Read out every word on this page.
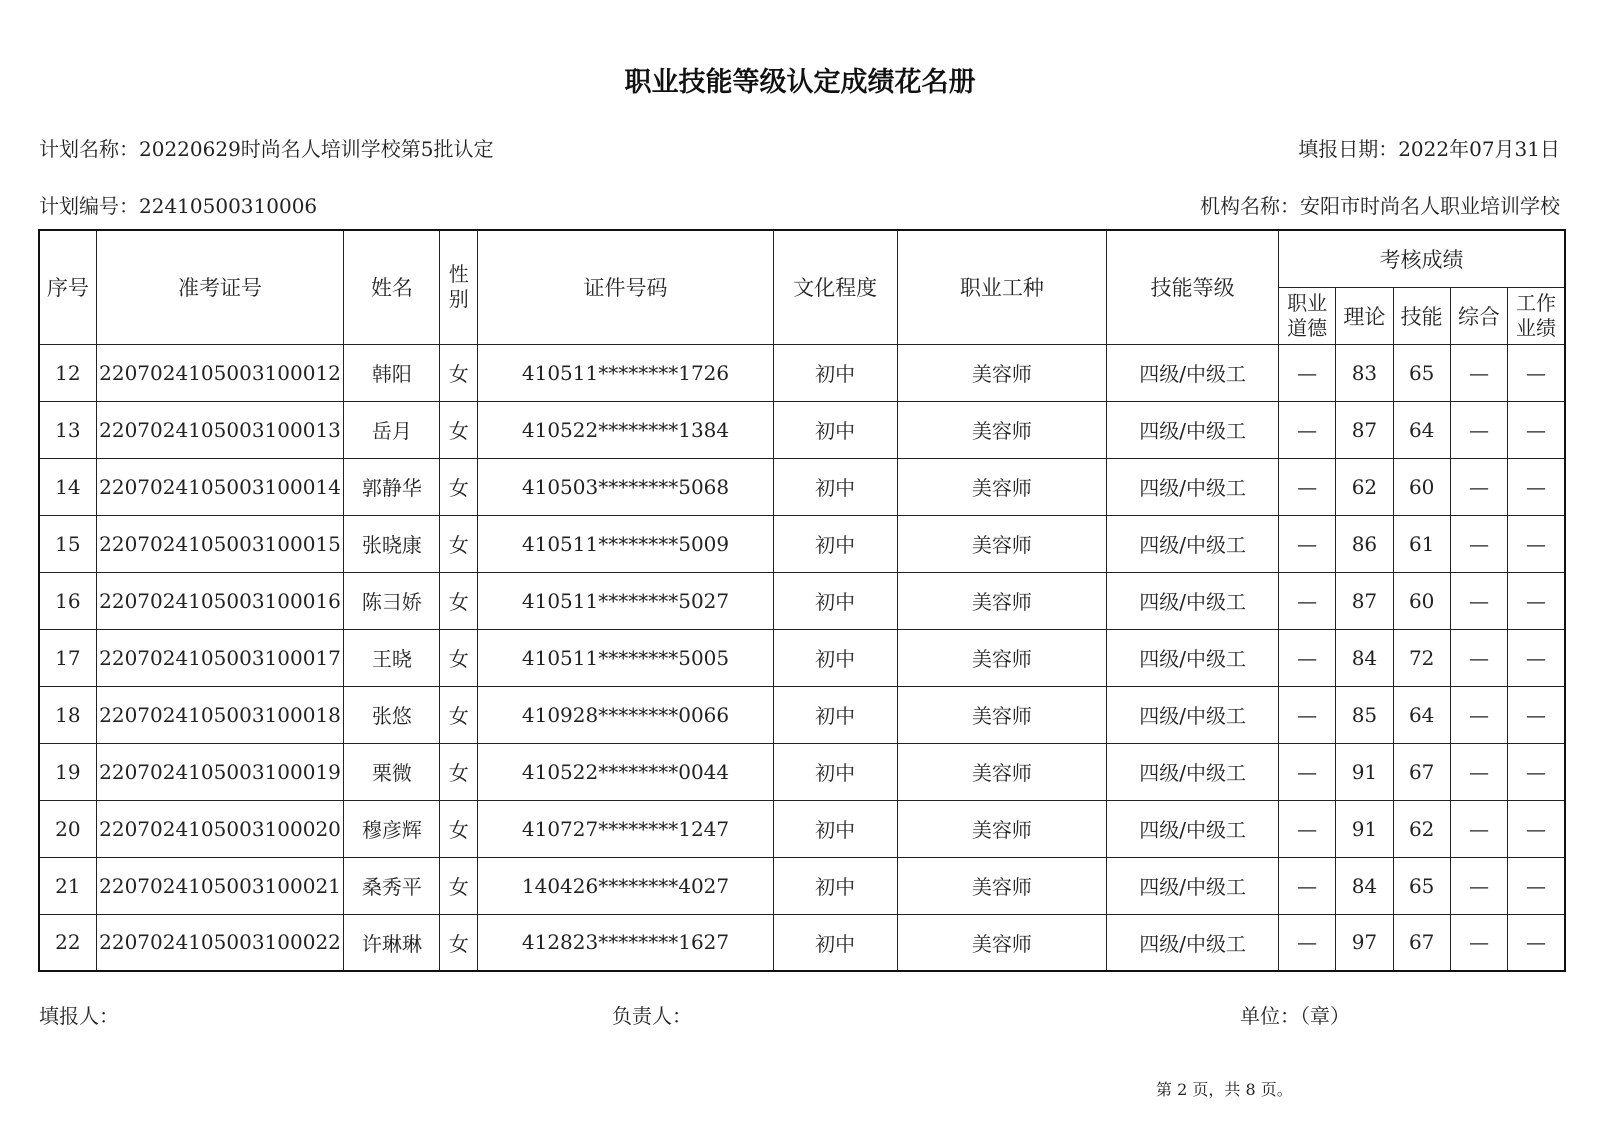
职业技能等级认定成绩花名册
计划名称：20220629时尚名人培训学校第5批认定	填报日期：2022年07月31日
计划编号：22410500310006	机构名称：安阳市时尚名人职业培训学校
序号	准考证号	姓名	性别	证件号码	文化程度	职业工种	技能等级	考核成绩				
								职业道德	理论	技能	综合	工作业绩
12	2207024105003100012	韩阳	女	410511********1726	初中	美容师	四级/中级工	—	83	65	—	—
13	2207024105003100013	岳月	女	410522********1384	初中	美容师	四级/中级工	—	87	64	—	—
14	2207024105003100014	郭静华	女	410503********5068	初中	美容师	四级/中级工	—	62	60	—	—
15	2207024105003100015	张晓康	女	410511********5009	初中	美容师	四级/中级工	—	86	61	—	—
16	2207024105003100016	陈彐娇	女	410511********5027	初中	美容师	四级/中级工	—	87	60	—	—
17	2207024105003100017	王晓	女	410511********5005	初中	美容师	四级/中级工	—	84	72	—	—
18	2207024105003100018	张悠	女	410928********0066	初中	美容师	四级/中级工	—	85	64	—	—
19	2207024105003100019	栗微	女	410522********0044	初中	美容师	四级/中级工	—	91	67	—	—
20	2207024105003100020	穆彦辉	女	410727********1247	初中	美容师	四级/中级工	—	91	62	—	—
21	2207024105003100021	桑秀平	女	140426********4027	初中	美容师	四级/中级工	—	84	65	—	—
22	2207024105003100022	许琳琳	女	412823********1627	初中	美容师	四级/中级工	—	97	67	—	—
填报人：	负责人：	单位：（章）
第 2 页，共 8 页。
